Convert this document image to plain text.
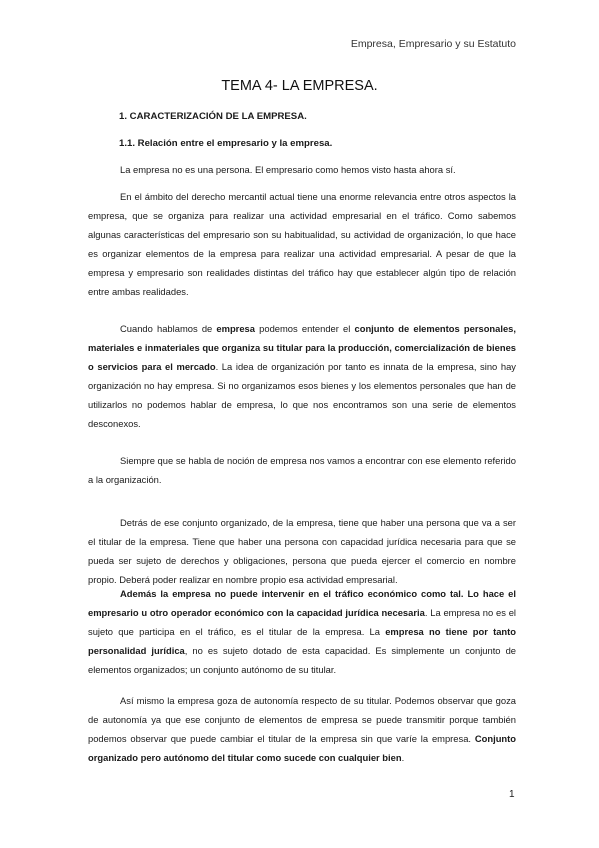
Empresa, Empresario y su Estatuto
TEMA 4- LA EMPRESA.
1. CARACTERIZACIÓN DE LA EMPRESA.
1.1. Relación entre el empresario y la empresa.

La empresa no es una persona. El empresario como hemos visto hasta ahora sí.

En el ámbito del derecho mercantil actual tiene una enorme relevancia entre otros aspectos la empresa, que se organiza para realizar una actividad empresarial en el tráfico. Como sabemos algunas características del empresario son su habitualidad, su actividad de organización, lo que hace es organizar elementos de la empresa para realizar una actividad empresarial. A pesar de que la empresa y empresario son realidades distintas del tráfico hay que establecer algún tipo de relación entre ambas realidades.

Cuando hablamos de empresa podemos entender el conjunto de elementos personales, materiales e inmateriales que organiza su titular para la producción, comercialización de bienes o servicios para el mercado. La idea de organización por tanto es innata de la empresa, sino hay organización no hay empresa. Si no organizamos esos bienes y los elementos personales que han de utilizarlos no podemos hablar de empresa, lo que nos encontramos son una serie de elementos desconexos.

Siempre que se habla de noción de empresa nos vamos a encontrar con ese elemento referido a la organización.

Detrás de ese conjunto organizado, de la empresa, tiene que haber una persona que va a ser el titular de la empresa. Tiene que haber una persona con capacidad jurídica necesaria para que se pueda ser sujeto de derechos y obligaciones, persona que pueda ejercer el comercio en nombre propio. Deberá poder realizar en nombre propio esa actividad empresarial.

Además la empresa no puede intervenir en el tráfico económico como tal. Lo hace el empresario u otro operador económico con la capacidad jurídica necesaria. La empresa no es el sujeto que participa en el tráfico, es el titular de la empresa. La empresa no tiene por tanto personalidad jurídica, no es sujeto dotado de esta capacidad. Es simplemente un conjunto de elementos organizados; un conjunto autónomo de su titular.

Así mismo la empresa goza de autonomía respecto de su titular. Podemos observar que goza de autonomía ya que ese conjunto de elementos de empresa se puede transmitir porque también podemos observar que puede cambiar el titular de la empresa sin que varíe la empresa. Conjunto organizado pero autónomo del titular como sucede con cualquier bien.

1
